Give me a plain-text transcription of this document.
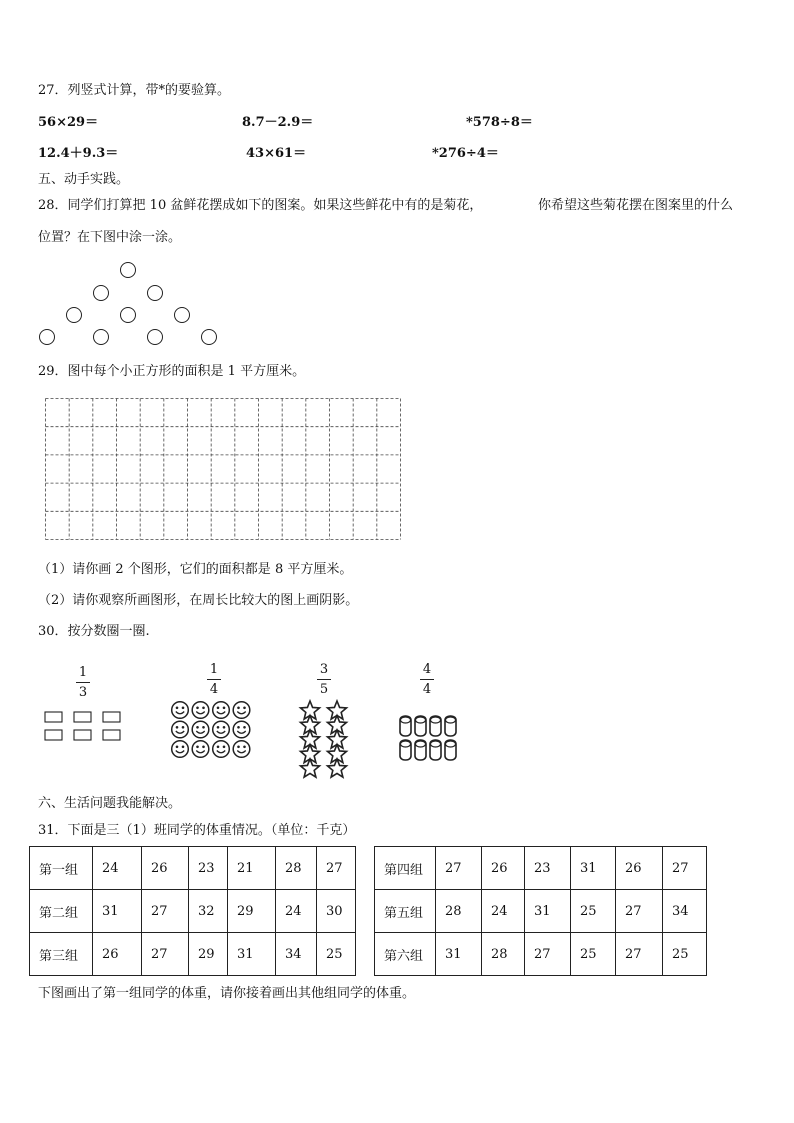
27．列竖式计算，带*的要验算。
56×29＝	8.7－2.9＝	*578÷8＝
12.4＋9.3＝	43×61＝	*276÷4＝
五、动手实践。
28．同学们打算把 10 盆鲜花摆成如下的图案。如果这些鲜花中有的是菊花，	你希望这些菊花摆在图案里的什么
位置？在下图中涂一涂。
29．图中每个小正方形的面积是 1 平方厘米。
（1）请你画 2 个图形，它们的面积都是 8 平方厘米。
（2）请你观察所画图形，在周长比较大的图上画阴影。
30．按分数圈一圈.
1
3
1
4
3
5
4
4
六、生活问题我能解决。
31．下面是三（1）班同学的体重情况。（单位：千克）
第一组	24	26	23	21	28	27		第四组	27	26	23	31	26	27
第二组	31	27	32	29	24	30		第五组	28	24	31	25	27	34
第三组	26	27	29	31	34	25		第六组	31	28	27	25	27	25
下图画出了第一组同学的体重，请你接着画出其他组同学的体重。
